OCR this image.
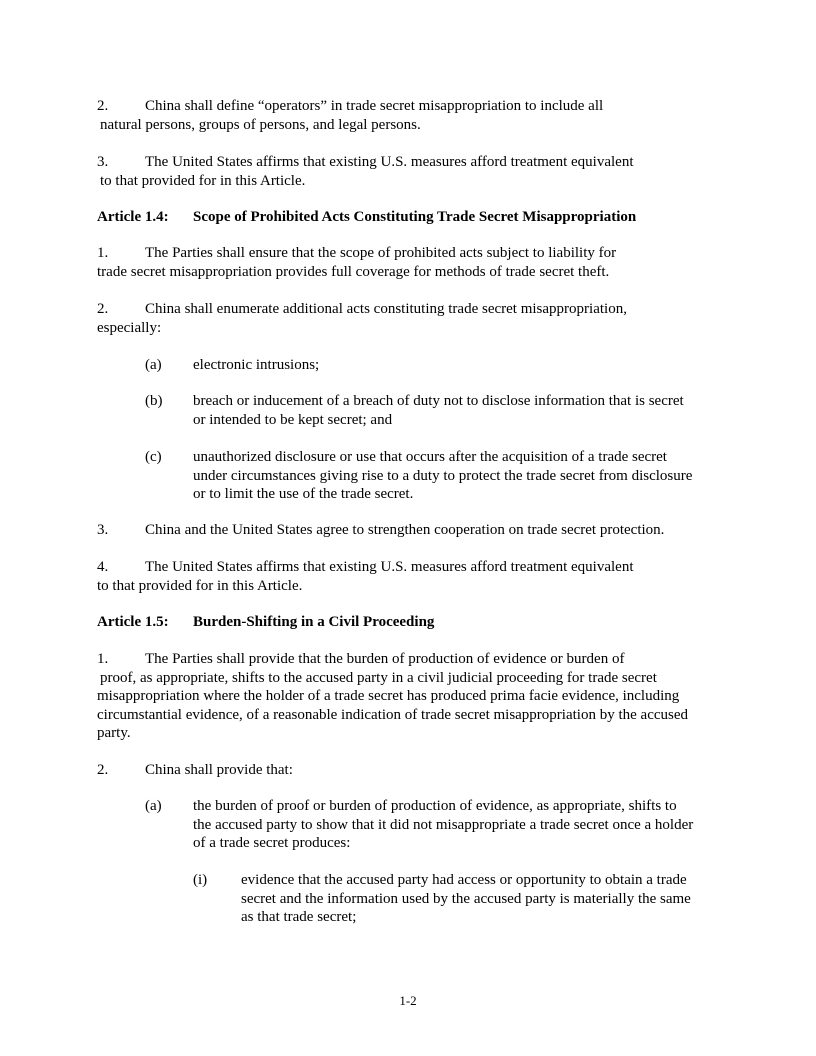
2. China shall define “operators” in trade secret misappropriation to include all
natural persons, groups of persons, and legal persons.
3. The United States affirms that existing U.S. measures afford treatment equivalent
to that provided for in this Article.
Article 1.4: Scope of Prohibited Acts Constituting Trade Secret Misappropriation
1. The Parties shall ensure that the scope of prohibited acts subject to liability for
trade secret misappropriation provides full coverage for methods of trade secret theft.
2. China shall enumerate additional acts constituting trade secret misappropriation,
especially:
(a) electronic intrusions;
(b) breach or inducement of a breach of duty not to disclose information that is secret
or intended to be kept secret; and
(c) unauthorized disclosure or use that occurs after the acquisition of a trade secret
under circumstances giving rise to a duty to protect the trade secret from disclosure
or to limit the use of the trade secret.
3. China and the United States agree to strengthen cooperation on trade secret protection.
4. The United States affirms that existing U.S. measures afford treatment equivalent
to that provided for in this Article.
Article 1.5: Burden-Shifting in a Civil Proceeding
1. The Parties shall provide that the burden of production of evidence or burden of
proof, as appropriate, shifts to the accused party in a civil judicial proceeding for trade secret
misappropriation where the holder of a trade secret has produced prima facie evidence, including
circumstantial evidence, of a reasonable indication of trade secret misappropriation by the accused
party.
2. China shall provide that:
(a) the burden of proof or burden of production of evidence, as appropriate, shifts to
the accused party to show that it did not misappropriate a trade secret once a holder
of a trade secret produces:
(i) evidence that the accused party had access or opportunity to obtain a trade
secret and the information used by the accused party is materially the same
as that trade secret;
1-2
